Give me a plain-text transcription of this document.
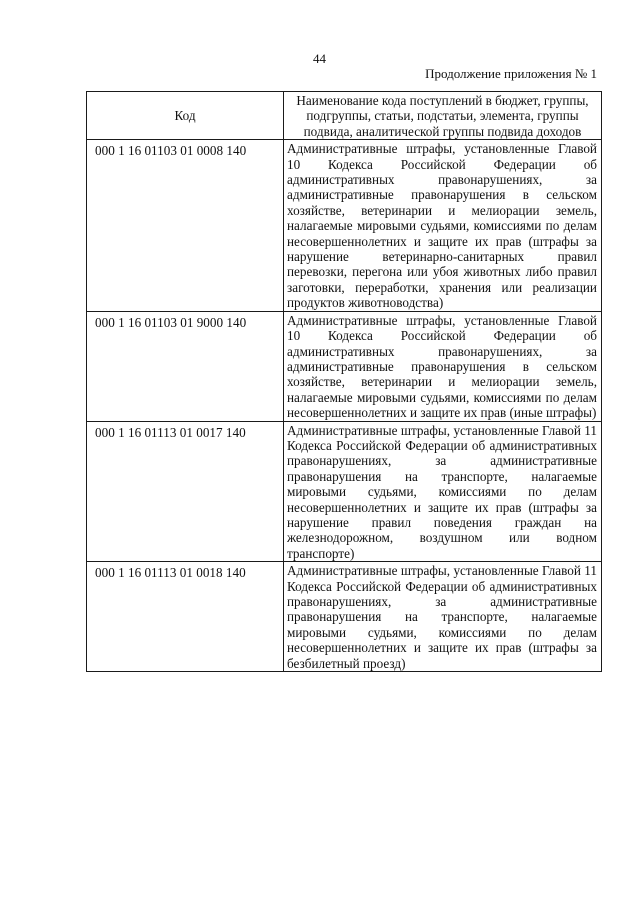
44
Продолжение приложения № 1
Код	Наименование кода поступлений в бюджет, группы, подгруппы, статьи, подстатьи, элемента, группы подвида, аналитической группы подвида доходов
000 1 16 01103 01 0008 140	Административные штрафы, установленные Главой 10 Кодекса Российской Федерации об административных правонарушениях, за административные правонарушения в сельском хозяйстве, ветеринарии и мелиорации земель, налагаемые мировыми судьями, комиссиями по делам несовершеннолетних и защите их прав (штрафы за нарушение ветеринарно-санитарных правил перевозки, перегона или убоя животных либо правил заготовки, переработки, хранения или реализации продуктов животноводства)
000 1 16 01103 01 9000 140	Административные штрафы, установленные Главой 10 Кодекса Российской Федерации об административных правонарушениях, за административные правонарушения в сельском хозяйстве, ветеринарии и мелиорации земель, налагаемые мировыми судьями, комиссиями по делам несовершеннолетних и защите их прав (иные штрафы)
000 1 16 01113 01 0017 140	Административные штрафы, установленные Главой 11 Кодекса Российской Федерации об административных правонарушениях, за административные правонарушения на транспорте, налагаемые мировыми судьями, комиссиями по делам несовершеннолетних и защите их прав (штрафы за нарушение правил поведения граждан на железнодорожном, воздушном или водном транспорте)
000 1 16 01113 01 0018 140	Административные штрафы, установленные Главой 11 Кодекса Российской Федерации об административных правонарушениях, за административные правонарушения на транспорте, налагаемые мировыми судьями, комиссиями по делам несовершеннолетних и защите их прав (штрафы за безбилетный проезд)
